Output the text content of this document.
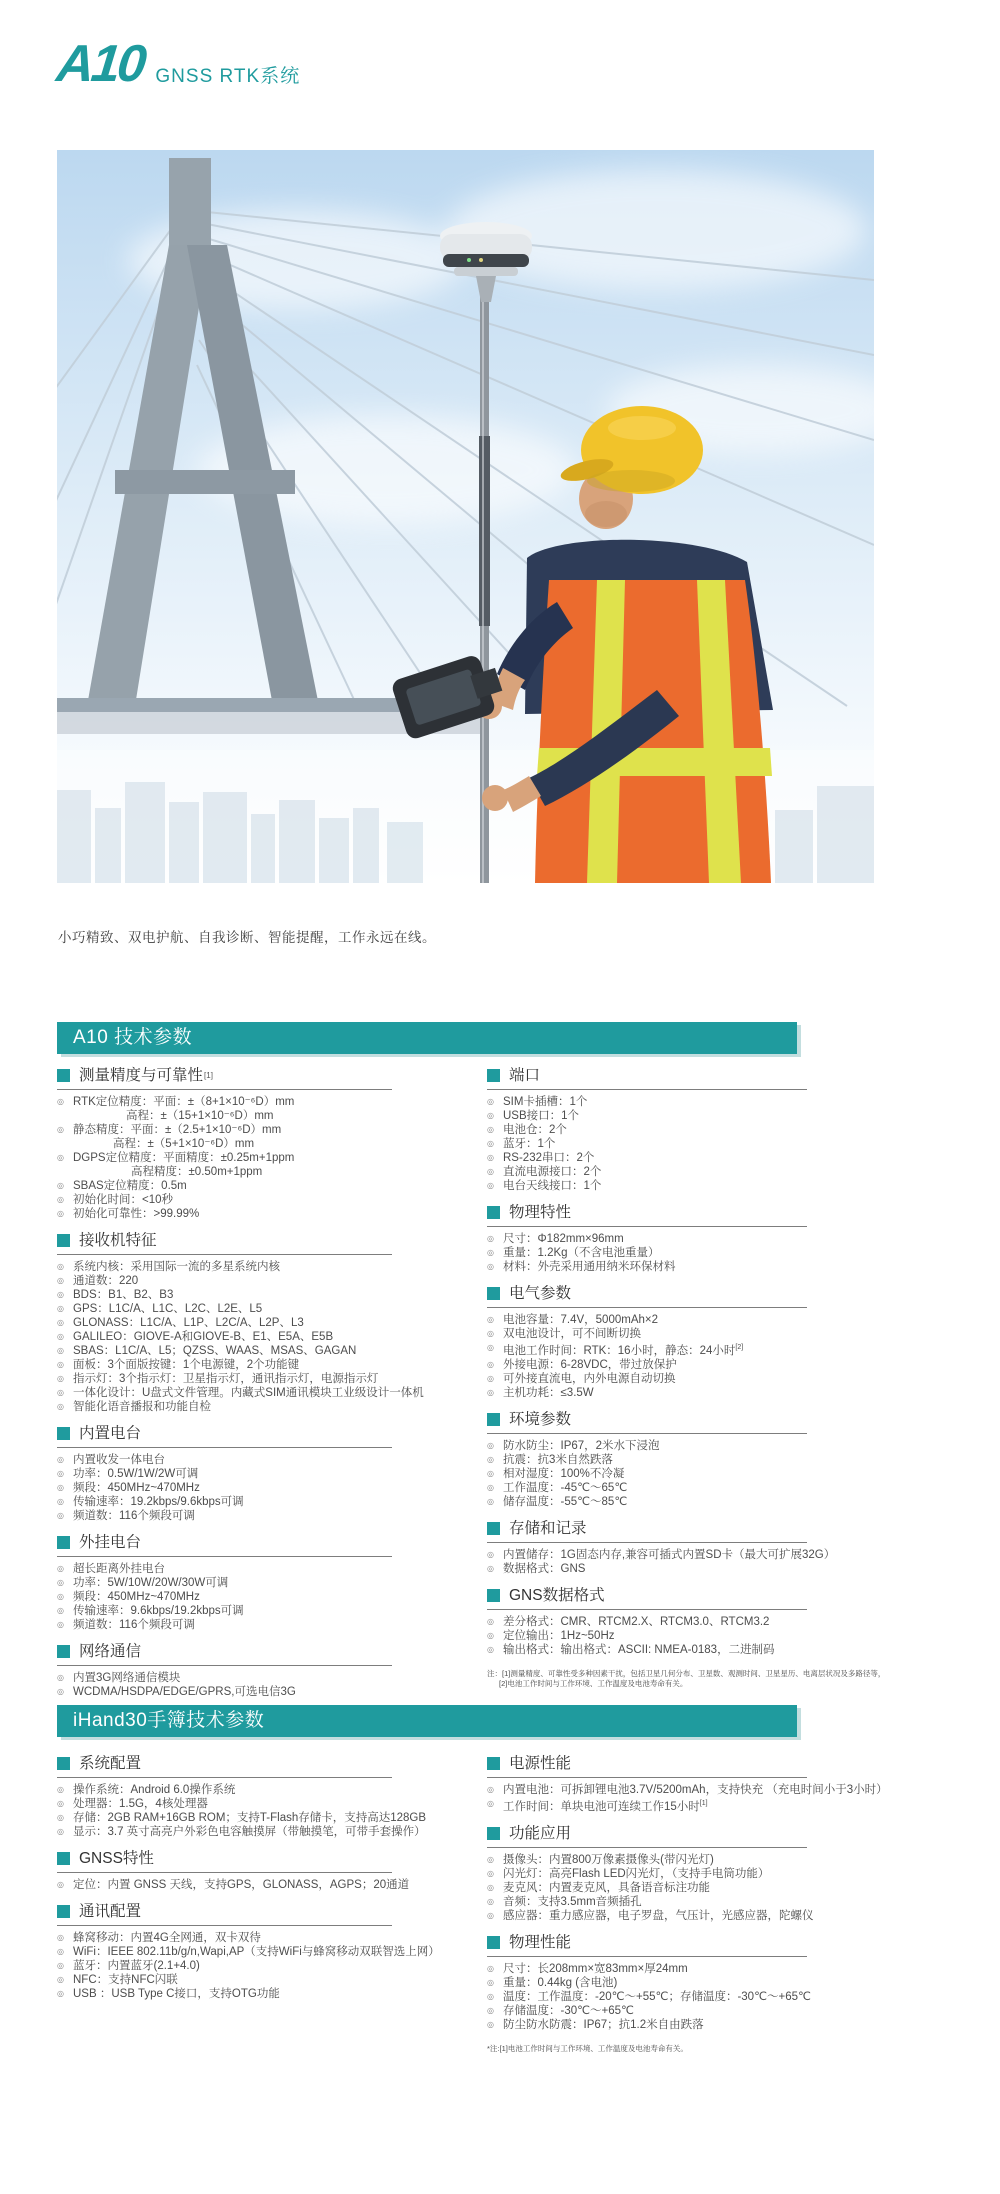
A10 GNSS RTK系统

小巧精致、双电护航、自我诊断、智能提醒，工作永远在线。

A10 技术参数
测量精度与可靠性 [1]
◎ RTK定位精度：平面：±（8+1×10⁻⁶D）mm
高程：±（15+1×10⁻⁶D）mm
◎ 静态精度：平面：±（2.5+1×10⁻⁶D）mm
高程：±（5+1×10⁻⁶D）mm
◎ DGPS定位精度：平面精度：±0.25m+1ppm
高程精度：±0.50m+1ppm
◎ SBAS定位精度：0.5m
◎ 初始化时间：<10秒
◎ 初始化可靠性：>99.99%
接收机特征
◎ 系统内核：采用国际一流的多星系统内核
◎ 通道数：220
◎ BDS：B1、B2、B3
◎ GPS：L1C/A、L1C、L2C、L2E、L5
◎ GLONASS：L1C/A、L1P、L2C/A、L2P、L3
◎ GALILEO：GIOVE-A和GIOVE-B、E1、E5A、E5B
◎ SBAS：L1C/A、L5；QZSS、WAAS、MSAS、GAGAN
◎ 面板：3个面版按键：1个电源键，2个功能键
◎ 指示灯：3个指示灯：卫星指示灯，通讯指示灯，电源指示灯
◎ 一体化设计：U盘式文件管理。内藏式SIM通讯模块工业级设计一体机
◎ 智能化语音播报和功能自检
内置电台
◎ 内置收发一体电台
◎ 功率：0.5W/1W/2W可调
◎ 频段：450MHz~470MHz
◎ 传输速率：19.2kbps/9.6kbps可调
◎ 频道数：116个频段可调
外挂电台
◎ 超长距离外挂电台
◎ 功率：5W/10W/20W/30W可调
◎ 频段：450MHz~470MHz
◎ 传输速率：9.6kbps/19.2kbps可调
◎ 频道数：116个频段可调
网络通信
◎ 内置3G网络通信模块
◎ WCDMA/HSDPA/EDGE/GPRS,可选电信3G
端口
◎ SIM卡插槽：1个
◎ USB接口：1个
◎ 电池仓：2个
◎ 蓝牙：1个
◎ RS-232串口：2个
◎ 直流电源接口：2个
◎ 电台天线接口：1个
物理特性
◎ 尺寸：Φ182mm×96mm
◎ 重量：1.2Kg（不含电池重量）
◎ 材料：外壳采用通用纳米环保材料
电气参数
◎ 电池容量：7.4V，5000mAh×2
◎ 双电池设计，可不间断切换
◎ 电池工作时间：RTK：16小时，静态：24小时[2]
◎ 外接电源：6-28VDC，带过放保护
◎ 可外接直流电，内外电源自动切换
◎ 主机功耗：≤3.5W
环境参数
◎ 防水防尘：IP67，2米水下浸泡
◎ 抗震：抗3米自然跌落
◎ 相对湿度：100%不冷凝
◎ 工作温度：-45℃～65℃
◎ 储存温度：-55℃～85℃
存储和记录
◎ 内置储存：1G固态内存,兼容可插式内置SD卡（最大可扩展32G）
◎ 数据格式：GNS
GNS数据格式
◎ 差分格式：CMR、RTCM2.X、RTCM3.0、RTCM3.2
◎ 定位输出：1Hz~50Hz
◎ 输出格式：输出格式：ASCII: NMEA-0183，二进制码
注：[1]测量精度、可靠性受多种因素干扰，包括卫星几何分布、卫星数、观测时间、卫星星历、电离层状况及多路径等，
[2]电池工作时间与工作环境、工作温度及电池寿命有关。
iHand30手簿技术参数
系统配置
◎ 操作系统：Android 6.0操作系统
◎ 处理器：1.5G，4核处理器
◎ 存储：2GB RAM+16GB ROM；支持T-Flash存储卡，支持高达128GB
◎ 显示：3.7 英寸高亮户外彩色电容触摸屏（带触摸笔，可带手套操作）
GNSS特性
◎ 定位：内置 GNSS 天线，支持GPS，GLONASS，AGPS；20通道
通讯配置
◎ 蜂窝移动：内置4G全网通，双卡双待
◎ WiFi：IEEE 802.11b/g/n,Wapi,AP（支持WiFi与蜂窝移动双联智选上网）
◎ 蓝牙：内置蓝牙(2.1+4.0)
◎ NFC：支持NFC闪联
◎ USB ：USB Type C接口，支持OTG功能
电源性能
◎ 内置电池：可拆卸锂电池3.7V/5200mAh，支持快充 （充电时间小于3小时）
◎ 工作时间：单块电池可连续工作15小时[1]
功能应用
◎ 摄像头：内置800万像素摄像头(带闪光灯)
◎ 闪光灯：高亮Flash LED闪光灯，（支持手电筒功能）
◎ 麦克风：内置麦克风，具备语音标注功能
◎ 音频：支持3.5mm音频插孔
◎ 感应器：重力感应器，电子罗盘，气压计，光感应器，陀螺仪
物理性能
◎ 尺寸：长208mm×宽83mm×厚24mm
◎ 重量：0.44kg (含电池)
◎ 温度：工作温度：-20℃～+55℃；存储温度：-30℃～+65℃
◎ 存储温度：-30℃～+65℃
◎ 防尘防水防震：IP67；抗1.2米自由跌落
*注:[1]电池工作时间与工作环境、工作温度及电池寿命有关。
